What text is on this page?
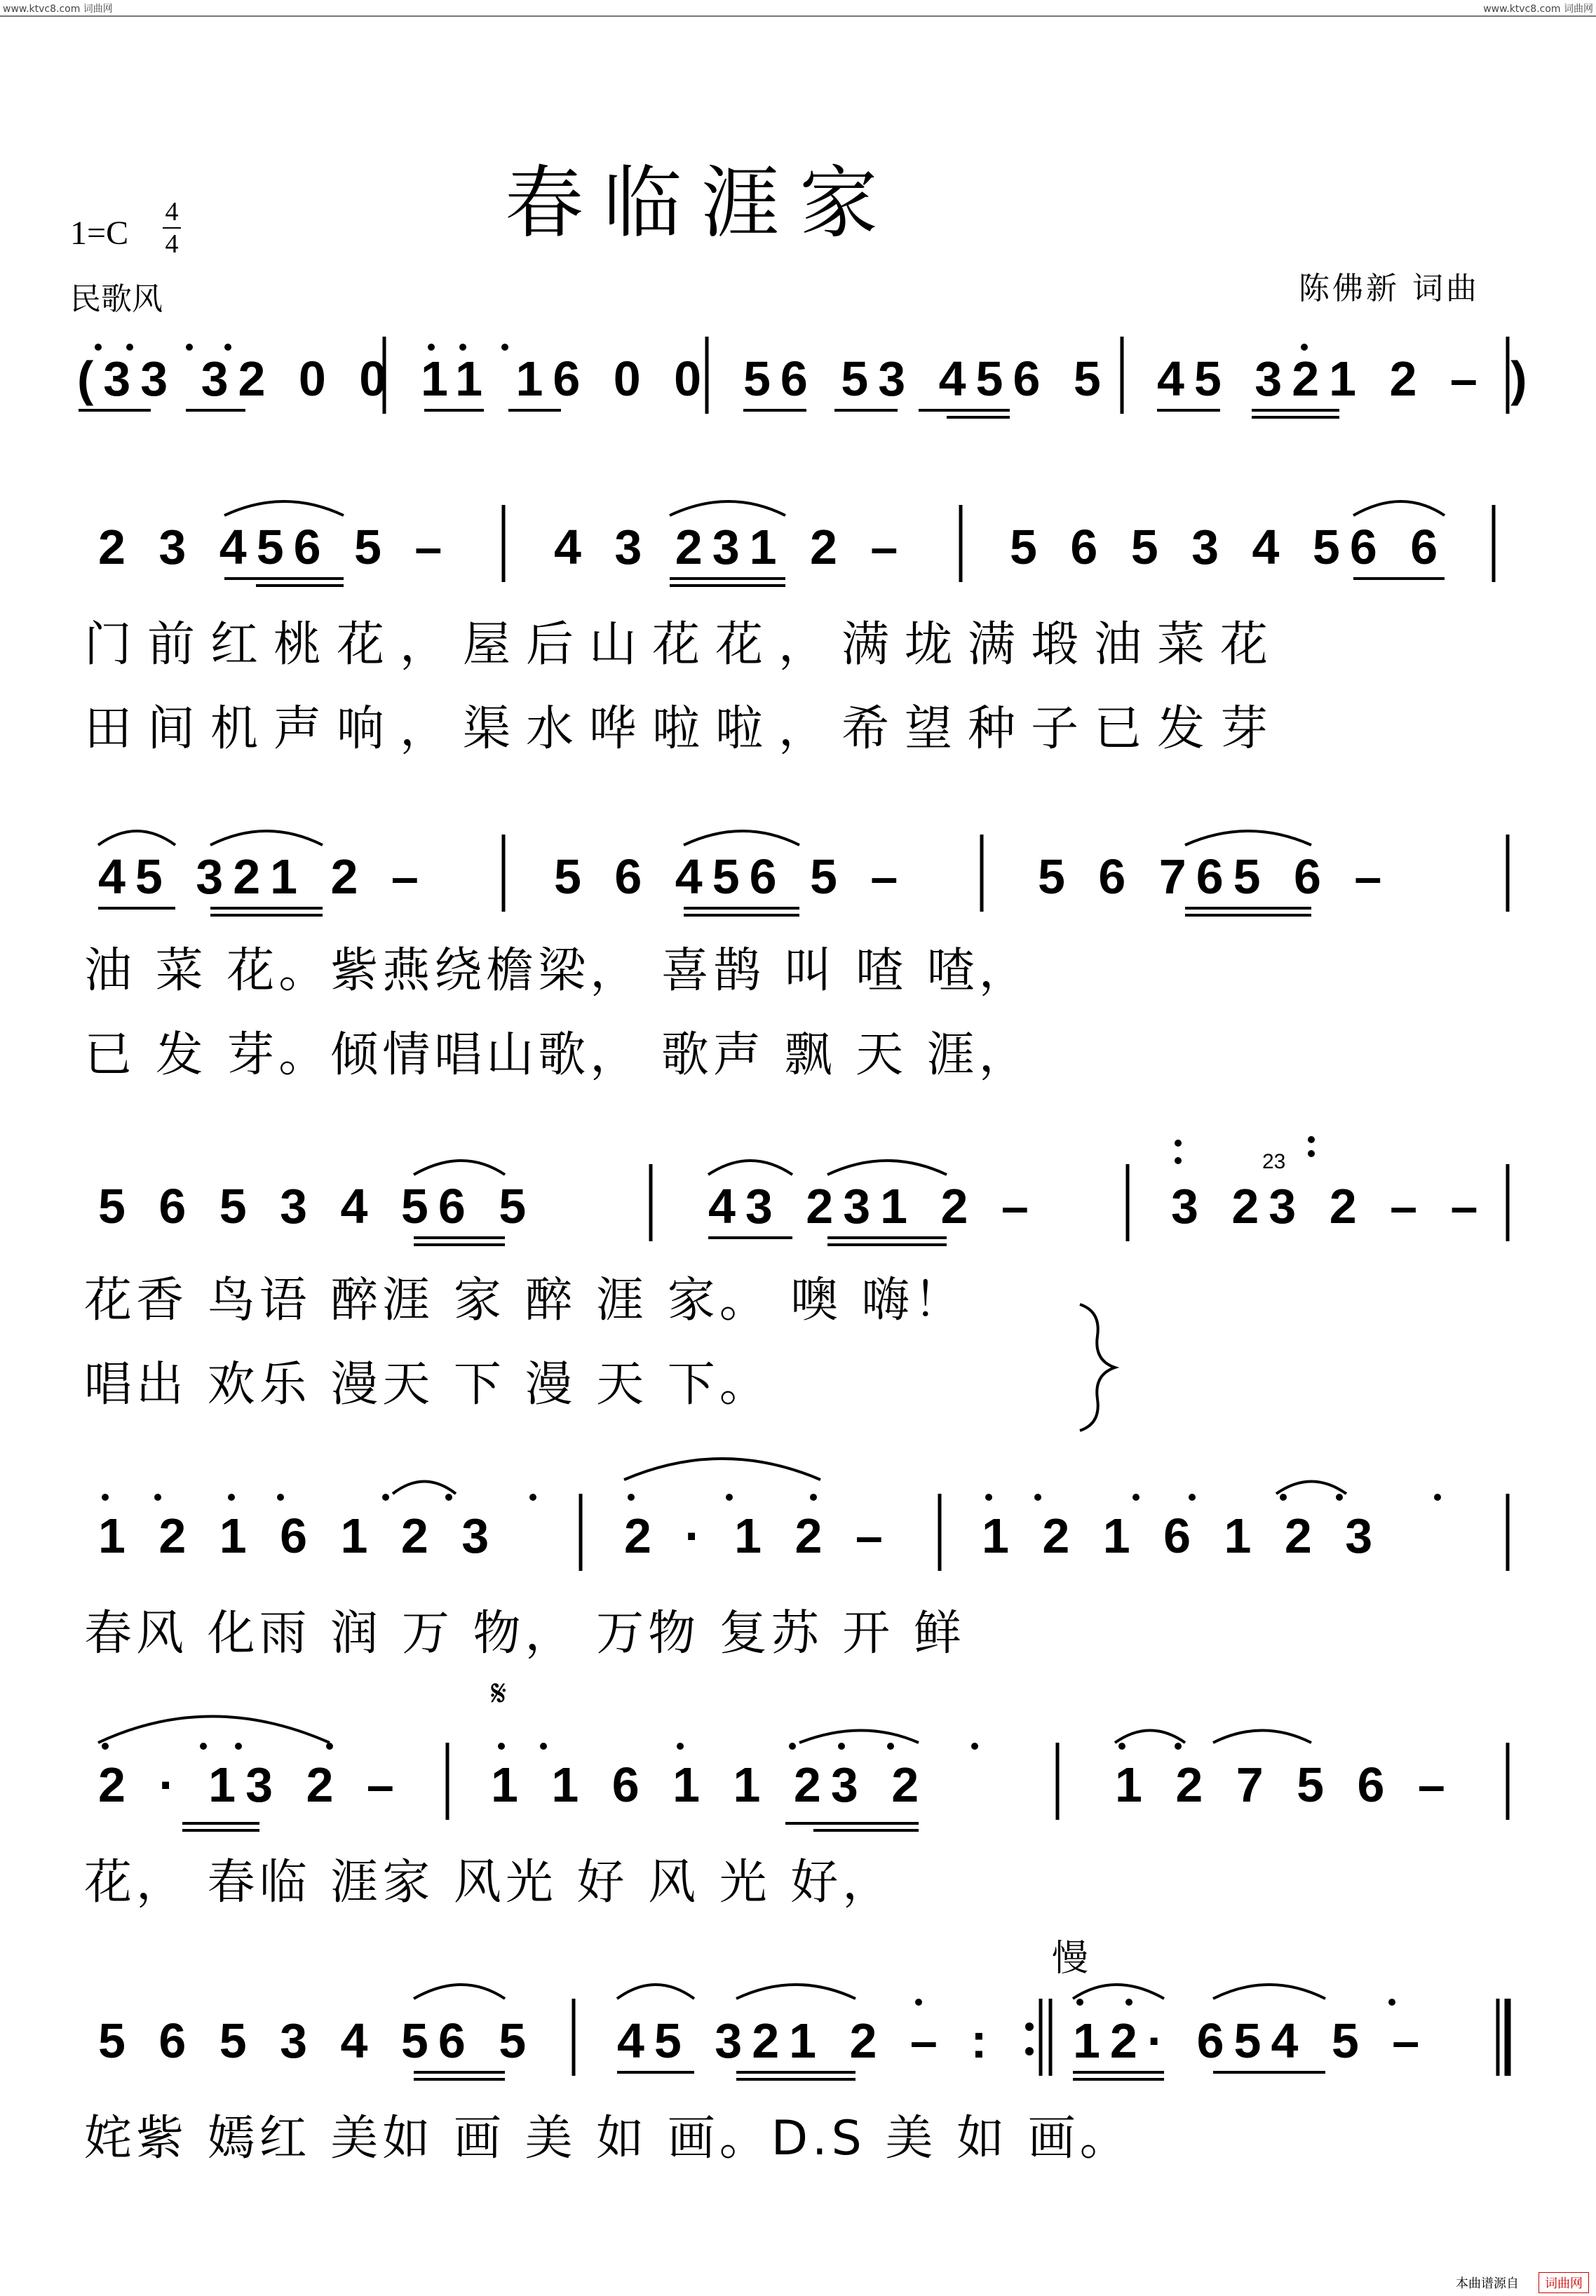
www.ktvc8.com 词曲网	www.ktvc8.com 词曲网
春临涯家
1=C
4
4
民歌风	陈佛新 词曲
(33 32 0 0 11 16 0 0 56 53 456 5 45 321 2 – )
2 3 456 5 – 4 3 231 2 – 5 6 5 3 4 56 6
门前红桃花，屋后山花花，满垅满塅油菜花
田间机声响，渠水哗啦啦，希望种子已发芽
45 321 2 –	5 6 456 5 –	5 6 765 6 –
油 菜 花。紫燕绕檐梁， 喜鹊 叫 喳 喳，
已 发 芽。倾情唱山歌， 歌声 飘 天 涯，
5 6 5 3 4 56 5	43 231 2 –	3 23 2 – –
花香 鸟语 醉涯 家 醉 涯 家。 噢 嗨！
唱出 欢乐 漫天 下 漫 天 下。
1 2 1 6 1 2 3	2 · 1 2 – 1 2 1 6 1 2 3
春风 化雨 润 万 物， 万物 复苏 开 鲜
𝄋
2 · 13 2 – 1 1 6 1 1 23 2	1 2 7 5 6 –
花， 春临 涯家 风光 好 风 光 好，
慢
5 6 5 3 4 56 5 45 321 2 – : 12· 654 5 –
姹紫 嫣红 美如 画 美 如 画。D.S 美 如 画。
23
本曲谱源自	词曲网
